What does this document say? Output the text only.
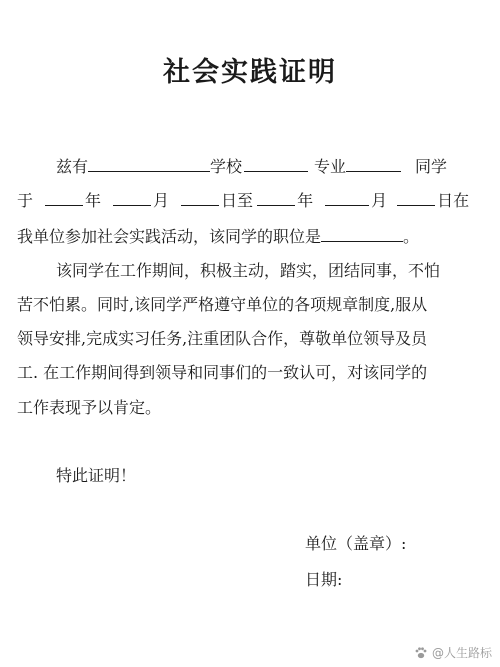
社会实践证明
兹有	学校	专业	同学
于	年	月	日至	年	月	日在
我单位参加社会实践活动，该同学的职位是	。
该同学在工作期间，积极主动，踏实，团结同事，不怕
苦不怕累。同时,该同学严格遵守单位的各项规章制度,服从
领导安排,完成实习任务,注重团队合作，尊敬单位领导及员
工. 在工作期间得到领导和同事们的一致认可，对该同学的
工作表现予以肯定。
特此证明！
单位（盖章）:
日期:
@人生路标
